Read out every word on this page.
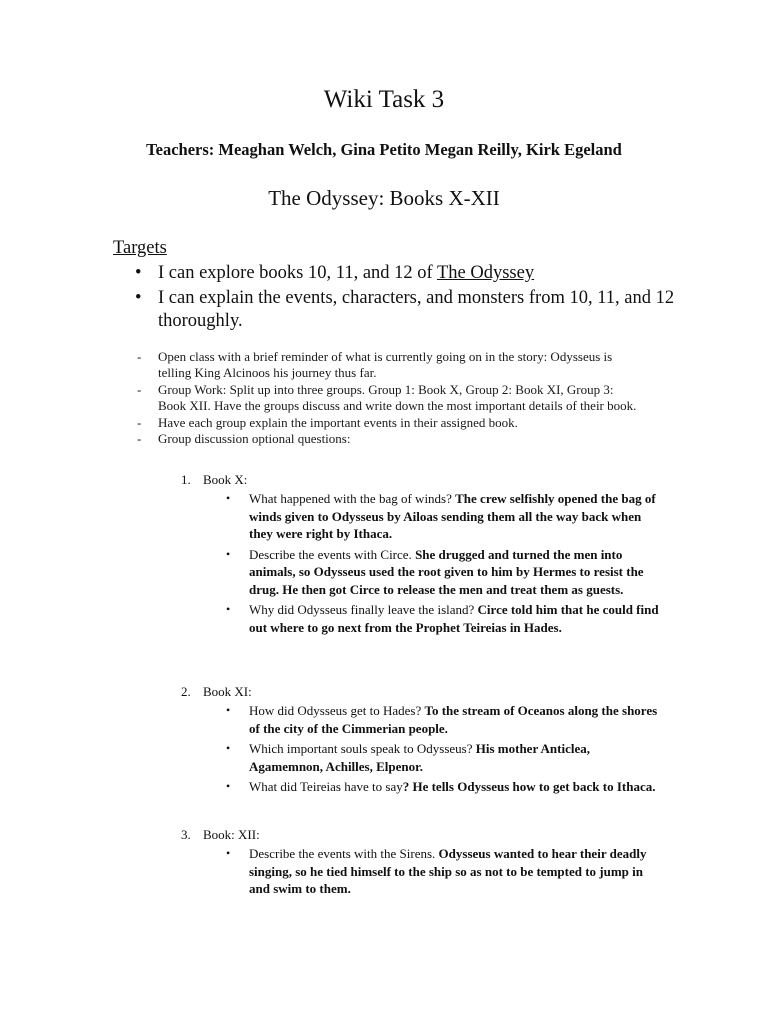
Wiki Task 3
Teachers: Meaghan Welch, Gina Petito Megan Reilly, Kirk Egeland
The Odyssey: Books X-XII
Targets
• I can explore books 10, 11, and 12 of The Odyssey
• I can explain the events, characters, and monsters from 10, 11, and 12 thoroughly.
- Open class with a brief reminder of what is currently going on in the story: Odysseus is telling King Alcinoos his journey thus far.
- Group Work: Split up into three groups. Group 1: Book X, Group 2: Book XI, Group 3: Book XII. Have the groups discuss and write down the most important details of their book.
- Have each group explain the important events in their assigned book.
- Group discussion optional questions:
1. Book X:
• What happened with the bag of winds? The crew selfishly opened the bag of winds given to Odysseus by Ailoas sending them all the way back when they were right by Ithaca.
• Describe the events with Circe. She drugged and turned the men into animals, so Odysseus used the root given to him by Hermes to resist the drug. He then got Circe to release the men and treat them as guests.
• Why did Odysseus finally leave the island? Circe told him that he could find out where to go next from the Prophet Teireias in Hades.
2. Book XI:
• How did Odysseus get to Hades? To the stream of Oceanos along the shores of the city of the Cimmerian people.
• Which important souls speak to Odysseus? His mother Anticlea, Agamemnon, Achilles, Elpenor.
• What did Teireias have to say? He tells Odysseus how to get back to Ithaca.
3. Book: XII:
• Describe the events with the Sirens. Odysseus wanted to hear their deadly singing, so he tied himself to the ship so as not to be tempted to jump in and swim to them.
